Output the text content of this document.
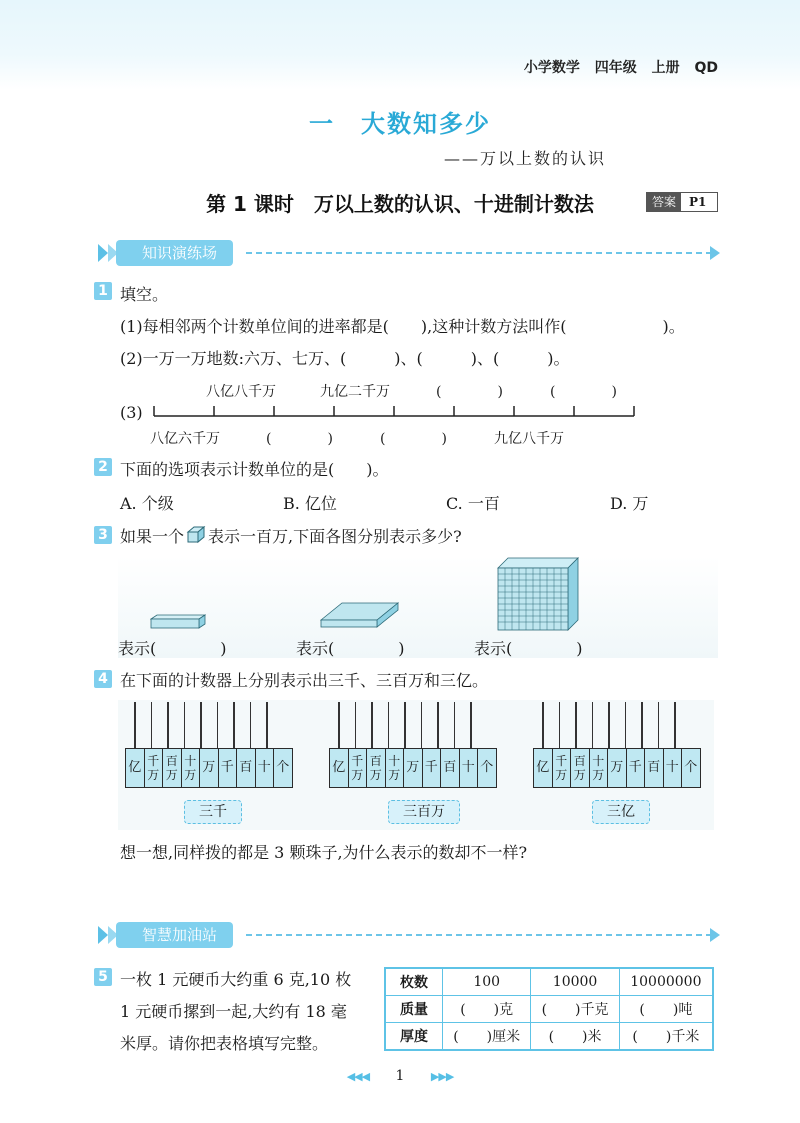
小学数学 四年级 上册 QD
一　大数知多少
——万以上数的认识
第 1 课时　万以上数的认识、十进制计数法	答案	P1
知识演练场
1 填空。
(1)每相邻两个计数单位间的进率都是(　　),这种计数方法叫作(　　　　　　)。
(2)一万一万地数:六万、七万、(　　　)、(　　　)、(　　　)。
八亿八千万	九亿二千万	(　　　　)	(　　　　)
(3)
八亿六千万	(　　　　)	(　　　　)	九亿八千万
2 下面的选项表示计数单位的是(　　)。
A. 个级	B. 亿位	C. 一百	D. 万
3 如果一个 表示一百万,下面各图分别表示多少?
表示(　　　　)	表示(　　　　)	表示(　　　　)
4 在下面的计数器上分别表示出三千、三百万和三亿。
亿 千
万
百
万
十
万 万 千 百 十 个
三千
亿 千
万
百
万
十
万 万 千 百 十 个
三百万
亿 千
万
百
万
十
万 万 千 百 十 个
三亿
想一想,同样拨的都是 3 颗珠子,为什么表示的数却不一样?
智慧加油站
5 一枚 1 元硬币大约重 6 克,10 枚
1 元硬币摞到一起,大约有 18 毫
米厚。请你把表格填写完整。
枚数	100	10000	10000000
质量	(　　)克	(　　)千克	(　　)吨
厚度	(　　)厘米	(　　)米	(　　)千米
◀◀◀ 1 ▶▶▶
